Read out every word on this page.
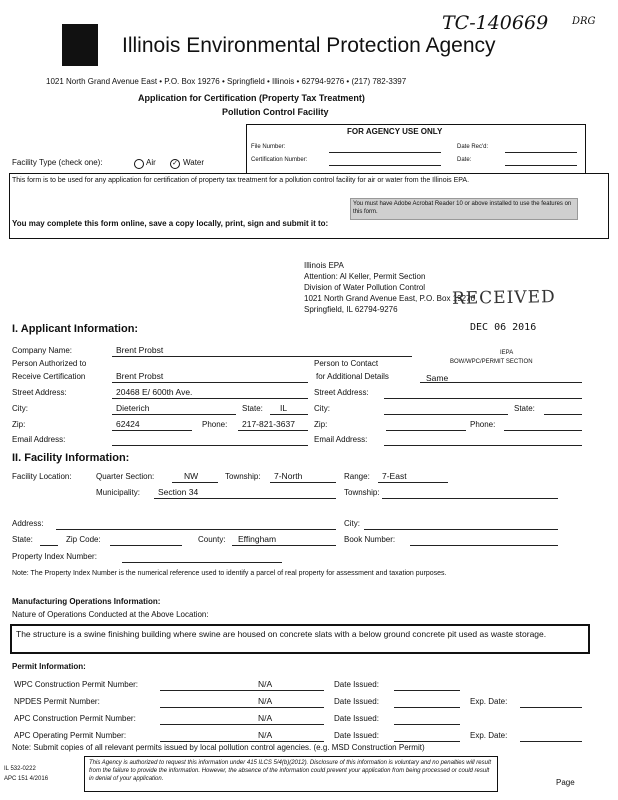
TC-140669 DRG
Illinois Environmental Protection Agency
1021 North Grand Avenue East • P.O. Box 19276 • Springfield • Illinois • 62794-9276 • (217) 782-3397
Application for Certification (Property Tax Treatment)
Pollution Control Facility
FOR AGENCY USE ONLY
File Number:
Certification Number:
Date Rec'd:
Date:
Facility Type (check one):	Air ✓ Water
This form is to be used for any application for certification of property tax treatment for a pollution control facility for air or water from the Illinois EPA.
You must have Adobe Acrobat Reader 10 or above installed to use the features on this form.
You may complete this form online, save a copy locally, print, sign and submit it to:
Illinois EPA
Attention: Al Keller, Permit Section
Division of Water Pollution Control
1021 North Grand Avenue East, P.O. Box 19276
Springfield, IL 62794-9276
RECEIVED
DEC 06 2016
IEPA
BOW/WPC/PERMIT SECTION
I. Applicant Information:
Company Name:	Brent Probst
Person Authorized to
Receive Certification	Brent Probst
Person to Contact
for Additional Details	Same
Street Address:	20468 E/ 600th Ave.	Street Address:
City:	Dieterich	State: IL	City:	State:
Zip:	62424	Phone: 217-821-3637 Zip:	Phone:
Email Address:	Email Address:
II. Facility Information:
Facility Location:	Quarter Section:	NW	Township: 7-North	Range: 7-East
Municipality: Section 34	Township:
Address:	City:
State:	Zip Code:	County: Effingham	Book Number:
Property Index Number:
Note: The Property Index Number is the numerical reference used to identify a parcel of real property for assessment and taxation purposes.
Manufacturing Operations Information:
Nature of Operations Conducted at the Above Location:
The structure is a swine finishing building where swine are housed on concrete slats with a below ground concrete pit used as waste storage.
Permit Information:
WPC Construction Permit Number:	N/A	Date Issued:
NPDES Permit Number:	N/A	Date Issued:	Exp. Date:
APC Construction Permit Number:	N/A	Date Issued:
APC Operating Permit Number:	N/A	Date Issued:	Exp. Date:
Note: Submit copies of all relevant permits issued by local pollution control agencies. (e.g. MSD Construction Permit)
IL 532-0222
APC 151 4/2016
This Agency is authorized to request this information under 415 ILCS 5/4(b)(2012). Disclosure of this information is voluntary and no penalties will result from the failure to provide the information. However, the absence of the information could prevent your application from being processed or could result in denial of your application.	Page
